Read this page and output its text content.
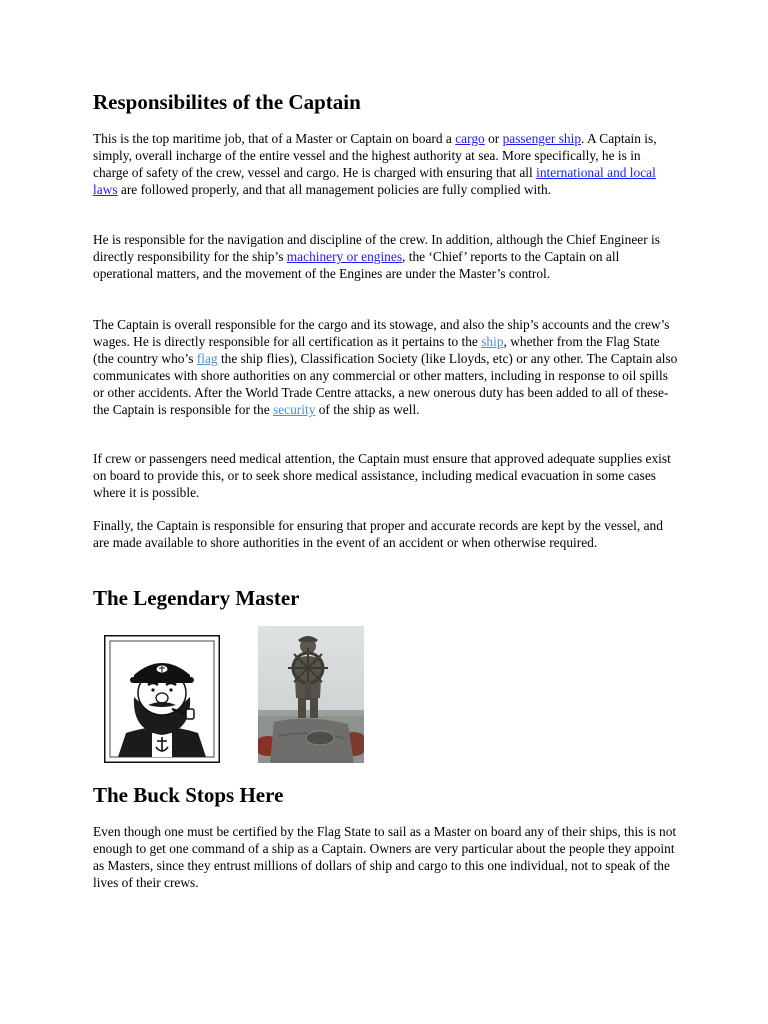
Responsibilites of the Captain

This is the top maritime job, that of a Master or Captain on board a cargo or passenger ship. A Captain is, simply, overall incharge of the entire vessel and the highest authority at sea. More specifically, he is in charge of safety of the crew, vessel and cargo. He is charged with ensuring that all international and local laws are followed properly, and that all management policies are fully complied with.

He is responsible for the navigation and discipline of the crew. In addition, although the Chief Engineer is directly responsibility for the ship’s machinery or engines, the ‘Chief’ reports to the Captain on all operational matters, and the movement of the Engines are under the Master’s control.

The Captain is overall responsible for the cargo and its stowage, and also the ship’s accounts and the crew’s wages. He is directly responsible for all certification as it pertains to the ship, whether from the Flag State (the country who’s flag the ship flies), Classification Society (like Lloyds, etc) or any other. The Captain also communicates with shore authorities on any commercial or other matters, including in response to oil spills or other accidents. After the World Trade Centre attacks, a new onerous duty has been added to all of these- the Captain is responsible for the security of the ship as well.

If crew or passengers need medical attention, the Captain must ensure that approved adequate supplies exist on board to provide this, or to seek shore medical assistance, including medical evacuation in some cases where it is possible.

Finally, the Captain is responsible for ensuring that proper and accurate records are kept by the vessel, and are made available to shore authorities in the event of an accident or when otherwise required.

The Legendary Master
The Buck Stops Here

Even though one must be certified by the Flag State to sail as a Master on board any of their ships, this is not enough to get one command of a ship as a Captain. Owners are very particular about the people they appoint as Masters, since they entrust millions of dollars of ship and cargo to this one individual, not to speak of the lives of their crews.
